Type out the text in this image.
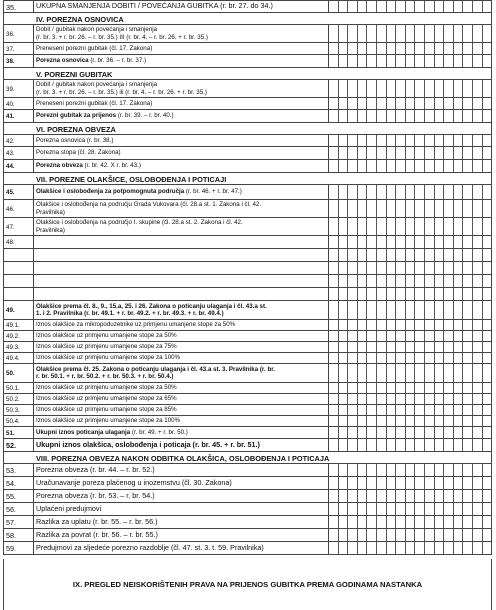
35.	UKUPNA SMANJENJA DOBITI / POVEĆANJA GUBITKA (r. br. 27. do 34.)
IV. POREZNA OSNOVICA
36.
Dobit / gubitak nakon povećanja i smanjenja
(r. br. 3. + r. br. 26. – r. br. 35.) III (r. br. 4. – r. br. 26. + r. br. 35.)
37.	Preneseni porezni gubitak (čl. 17. Zakona)
38.	Porezna osnovica (r. br. 36. – r. br. 37.)
V. POREZNI GUBITAK
39.
Dobit / gubitak nakon povećanja i smanjenja
(r. br. 3. + r. br. 26. – r. br. 35.) ili (r. br. 4. – r. br. 26. + r. br. 35.)
40.	Preneseni porezni gubitak (čl. 17. Zakona)
41.	Porezni gubitak za prijenos (r. br. 39. – r. br. 40.)
VI. POREZNA OBVEZA
42.	Porezna osnovica (r. br. 38.)
43.	Porezna stopa (čl. 28. Zakona)
44.	Porezna obveza (r. br. 42. X r. br. 43.)
VII. POREZNE OLAKŠICE, OSLOBOĐENJA I POTICAJI
45.	Olakšice i oslobođenja za potpomognuta područja (r. br. 46. + r. br. 47.)
46.
Olakšice i oslobođenja na području Grada Vukovara (čl. 28.a st. 1. Zakona i čl. 42.
Pravilnika)
47.
Olakšice i oslobođenja na područjo I. skupine (čl. 28.a st. 2. Zakona i čl. 42.
Pravilnika)
48.
49.
Olakšice prema čl. 8., 9., 15.a, 25. i 26. Zakona o poticanju ulaganja i čl. 43.a st.
1. i 2. Pravilnika (r. br. 49.1. + r. br. 49.2. + r. br. 49.3. + r. br. 49.4.)
49.1.	Iznos olakšice za mikropoduzetnike uz primjenu umanjene stope za 50%
49.2.	Iznos olakšice uz primjenu umanjene stope za 50%
49.3.	Iznos olakšice uz primjenu umanjene stope za 75%
49.4.	Iznos olakšice uz primjenu umanjene stope za 100%
50.
Olakšice prema čl. 25. Zakona o poticanju ulaganja i čl. 43.a st. 3. Pravilnika (r. br.
r. br. 50.1. + r. br. 50.2. + r. br. 50.3. + r. br. 50.4.)
50.1.	Iznos olakšice uz primjenu umanjene stope za 50%
50.2.	Iznos olakšice uz primjenu umanjene stope za 65%
50.3.	Iznos olakšice uz primjenu umanjene stope za 85%
50.4.	Iznos olakšice uz primjenu umanjene stope za 100%
51.	Ukupni iznos poticanja ulaganja (r. br. 49. + r. br. 50.)
52.	Ukupni iznos olakšica, oslobođenja i poticaja (r. br. 45. + r. br. 51.)
VIII. POREZNA OBVEZA NAKON ODBITKA OLAKŠICA, OSLOBOĐENJA I POTICAJA
53.	Porezna obveza (r. br. 44. – r. br. 52.)
54.	Uračunavanje poreza plaćenog u inozemstvu (čl. 30. Zakona)
55.	Porezna obveza (r. br. 53. – r. br. 54.)
56.	Uplaćeni predujmovi
57.	Razlika za uplatu (r. br. 55. – r. br. 56.)
58.	Razlika za povrat (r. br. 56. – r. br. 55.)
59.	Predujmovi za sljedeće porezno razdoblje (čl. 47. st. 3. t. 59. Pravilnika)
IX. PREGLED NEISKORIŠTENIH PRAVA NA PRIJENOS GUBITKA PREMA GODINAMA NASTANKA
